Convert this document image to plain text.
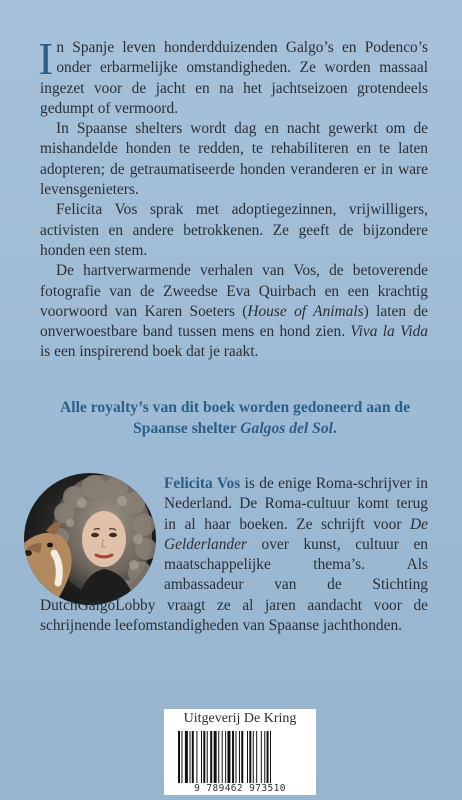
In Spanje leven honderdduizenden Galgo’s en Podenco’s onder erbarmelijke omstandigheden. Ze worden massaal ingezet voor de jacht en na het jachtseizoen grotendeels gedumpt of vermoord.

In Spaanse shelters wordt dag en nacht gewerkt om de mishandelde honden te redden, te rehabiliteren en te laten adopteren; de getraumatiseerde honden veranderen er in ware levensgenieters.

Felicita Vos sprak met adoptiegezinnen, vrijwilligers, activisten en andere betrokkenen. Ze geeft de bijzondere honden een stem.

De hartverwarmende verhalen van Vos, de betoverende fotografie van de Zweedse Eva Quirbach en een krachtig voorwoord van Karen Soeters (House of Animals) laten de onverwoestbare band tussen mens en hond zien. Viva la Vida is een inspirerend boek dat je raakt.

Alle royalty’s van dit boek worden gedoneerd aan de Spaanse shelter Galgos del Sol.
Felicita Vos is de enige Roma-schrijver in Nederland. De Roma-cultuur komt terug in al haar boeken. Ze schrijft voor De Gelderlander over kunst, cultuur en maatschappelijke thema’s. Als ambassadeur van de Stichting DutchGalgoLobby vraagt ze al jaren aandacht voor de schrijnende leefomstandigheden van Spaanse jachthonden.
Uitgeverij De Kring
9 789462 973510
